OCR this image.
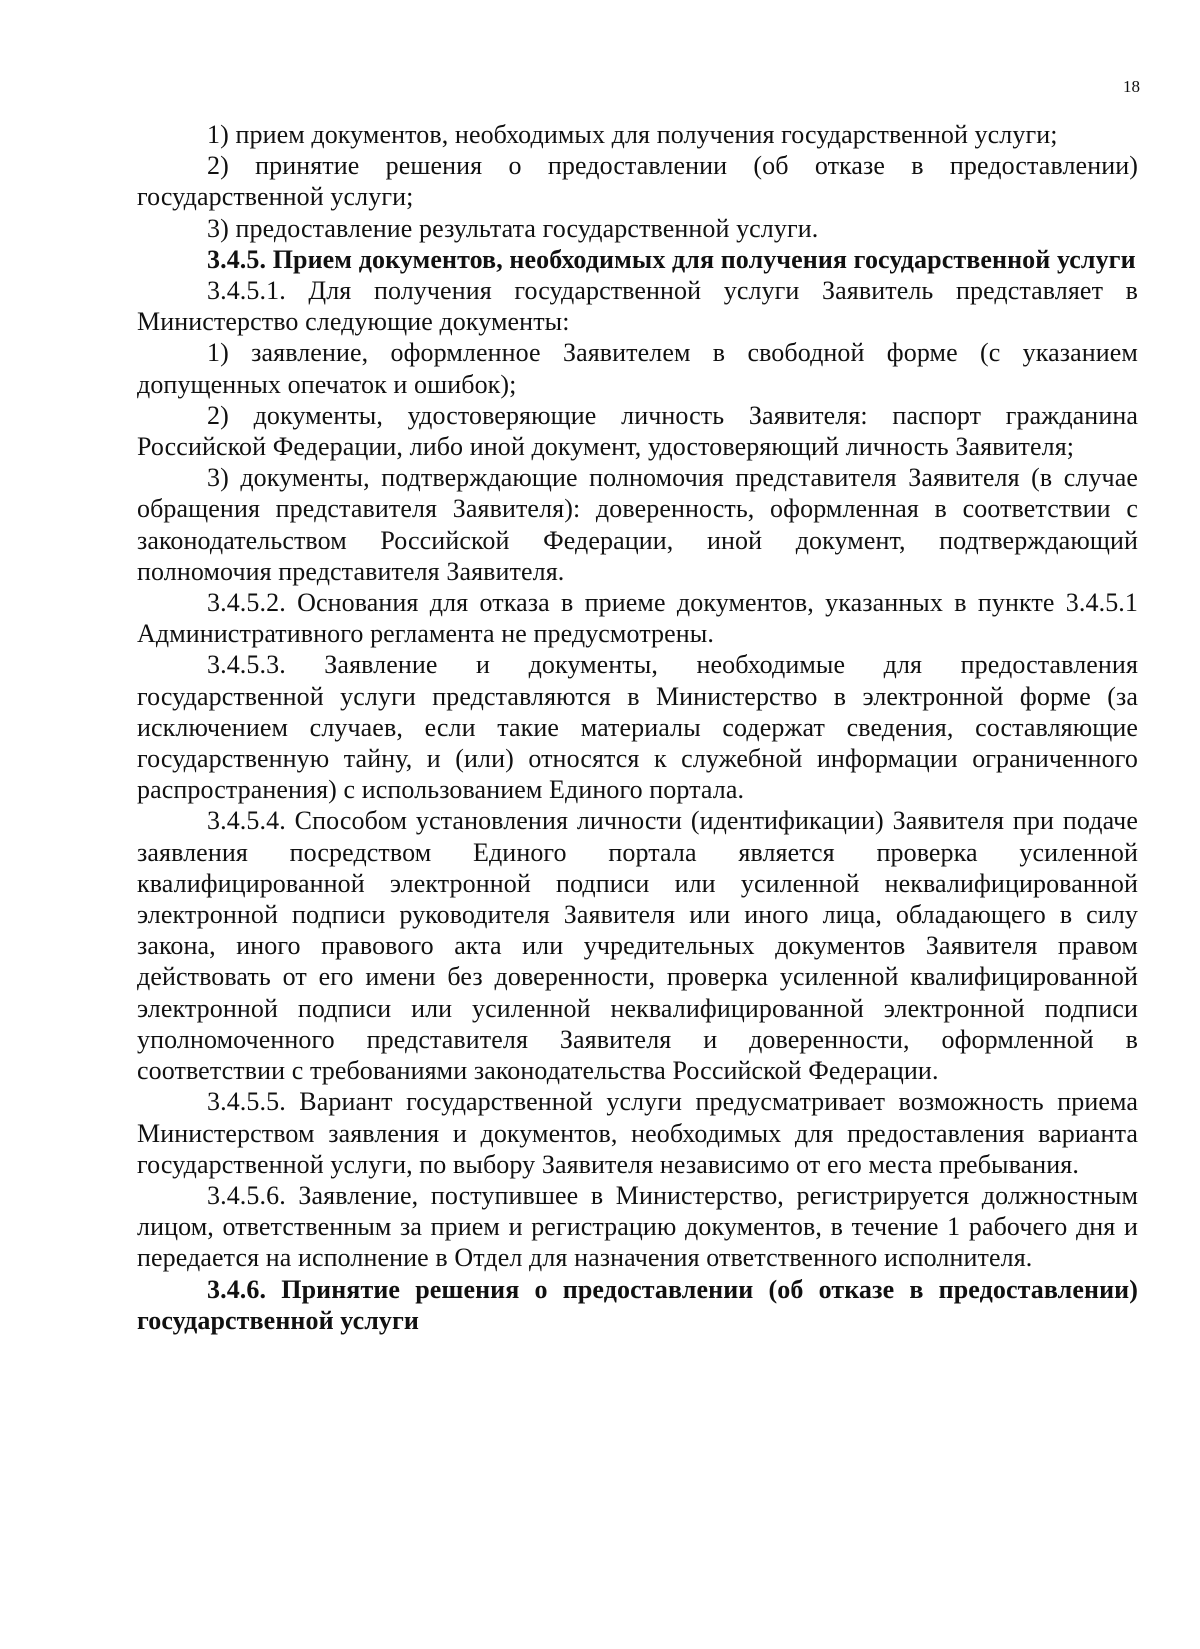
18

1) прием документов, необходимых для получения государственной услуги;

2) принятие решения о предоставлении (об отказе в предоставлении) государственной услуги;

3) предоставление результата государственной услуги.

3.4.5. Прием документов, необходимых для получения государственной услуги

3.4.5.1. Для получения государственной услуги Заявитель представляет в Министерство следующие документы:

1) заявление, оформленное Заявителем в свободной форме (с указанием допущенных опечаток и ошибок);

2) документы, удостоверяющие личность Заявителя: паспорт гражданина Российской Федерации, либо иной документ, удостоверяющий личность Заявителя;

3) документы, подтверждающие полномочия представителя Заявителя (в случае обращения представителя Заявителя): доверенность, оформленная в соответствии с законодательством Российской Федерации, иной документ, подтверждающий полномочия представителя Заявителя.

3.4.5.2. Основания для отказа в приеме документов, указанных в пункте 3.4.5.1 Административного регламента не предусмотрены.

3.4.5.3. Заявление и документы, необходимые для предоставления государственной услуги представляются в Министерство в электронной форме (за исключением случаев, если такие материалы содержат сведения, составляющие государственную тайну, и (или) относятся к служебной информации ограниченного распространения) с использованием Единого портала.

3.4.5.4. Способом установления личности (идентификации) Заявителя при подаче заявления посредством Единого портала является проверка усиленной квалифицированной электронной подписи или усиленной неквалифицированной электронной подписи руководителя Заявителя или иного лица, обладающего в силу закона, иного правового акта или учредительных документов Заявителя правом действовать от его имени без доверенности, проверка усиленной квалифицированной электронной подписи или усиленной неквалифицированной электронной подписи уполномоченного представителя Заявителя и доверенности, оформленной в соответствии с требованиями законодательства Российской Федерации.

3.4.5.5. Вариант государственной услуги предусматривает возможность приема Министерством заявления и документов, необходимых для предоставления варианта государственной услуги, по выбору Заявителя независимо от его места пребывания.

3.4.5.6. Заявление, поступившее в Министерство, регистрируется должностным лицом, ответственным за прием и регистрацию документов, в течение 1 рабочего дня и передается на исполнение в Отдел для назначения ответственного исполнителя.

3.4.6. Принятие решения о предоставлении (об отказе в предоставлении) государственной услуги
